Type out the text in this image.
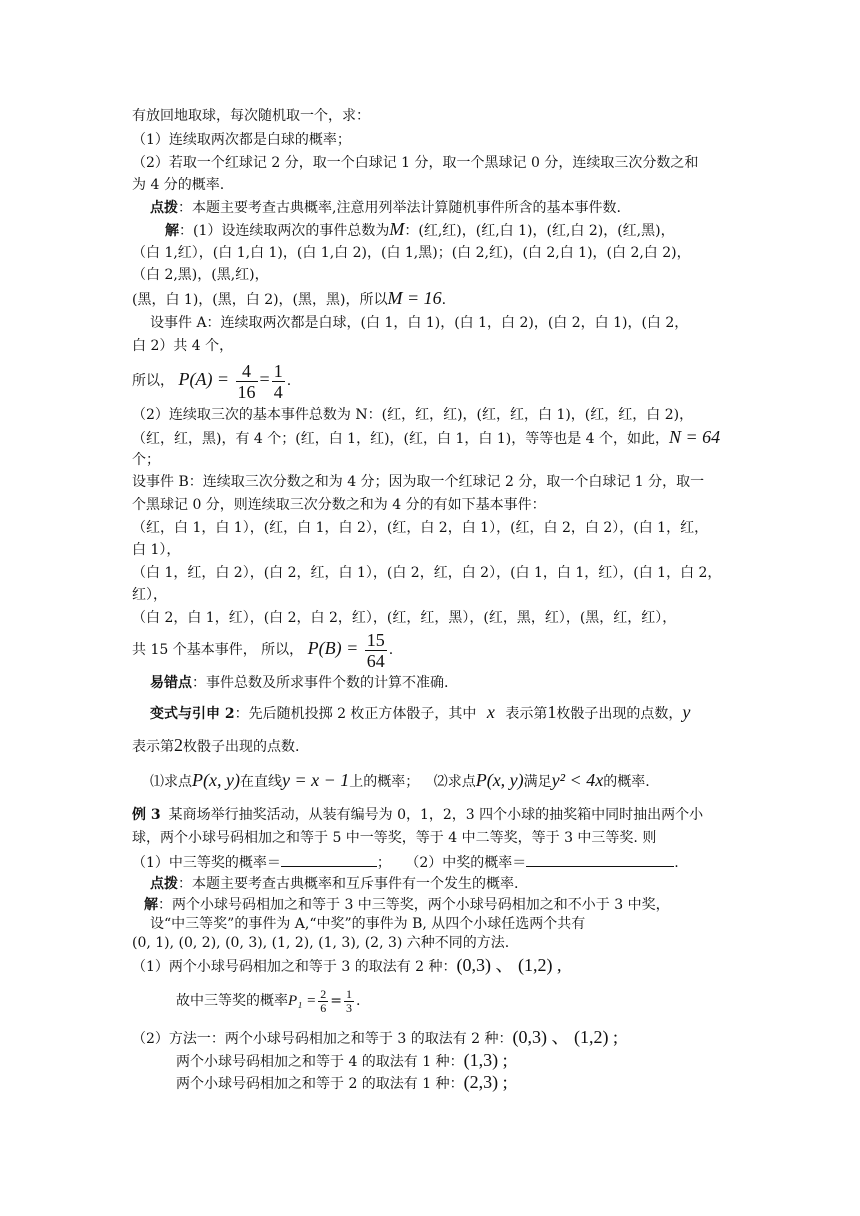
有放回地取球，每次随机取一个，求：
（1）连续取两次都是白球的概率；
（2）若取一个红球记 2 分，取一个白球记 1 分，取一个黑球记 0 分，连续取三次分数之和
为 4 分的概率.
点拨：本题主要考查古典概率,注意用列举法计算随机事件所含的基本事件数.
解：(1）设连续取两次的事件总数为M：(红,红)，(红,白 1)，(红,白 2)，(红,黑)，
（白 1,红），(白 1,白 1)，(白 1,白 2)，(白 1,黑)；(白 2,红)，(白 2,白 1)，(白 2,白 2)，
（白 2,黑)，(黑,红)，
(黑，白 1)，(黑，白 2)，(黑，黑)，所以M = 16.
设事件 A：连续取两次都是白球，(白 1，白 1)，(白 1，白 2)，(白 2，白 1)，(白 2，
白 2）共 4 个，
所以， $P(A) = \frac{4}{16} = \frac{1}{4}$ .
（2）连续取三次的基本事件总数为 N：(红，红，红)，(红，红，白 1)，(红，红，白 2)，
（红，红，黑)，有 4 个；(红，白 1，红)，(红，白 1，白 1)，等等也是 4 个，如此，N = 64
个；
设事件 B：连续取三次分数之和为 4 分；因为取一个红球记 2 分，取一个白球记 1 分，取一
个黑球记 0 分，则连续取三次分数之和为 4 分的有如下基本事件：
（红，白 1，白 1），(红，白 1，白 2），(红，白 2，白 1），(红，白 2，白 2），(白 1，红，
白 1），
（白 1，红，白 2），(白 2，红，白 1），(白 2，红，白 2），(白 1，白 1，红），(白 1，白 2，
红），
（白 2，白 1，红），(白 2，白 2，红），(红，红，黑），(红，黑，红），(黑，红，红），
共 15 个基本事件， 所以， $P(B) = \frac{15}{64}$ .
易错点：事件总数及所求事件个数的计算不准确.
变式与引申 2：先后随机投掷 2 枚正方体骰子，其中 x 表示第1枚骰子出现的点数，y
表示第2枚骰子出现的点数.
⑴求点P(x, y)在直线y = x − 1上的概率； ⑵求点P(x, y)满足y² < 4x的概率.
例 3 某商场举行抽奖活动，从装有编号为 0，1，2，3 四个小球的抽奖箱中同时抽出两个小
球，两个小球号码相加之和等于 5 中一等奖，等于 4 中二等奖，等于 3 中三等奖. 则
（1）中三等奖的概率＝	； （2）中奖的概率＝	.
点拨：本题主要考查古典概率和互斥事件有一个发生的概率.
解：两个小球号码相加之和等于 3 中三等奖，两个小球号码相加之和不小于 3 中奖，
设“中三等奖”的事件为 A,“中奖”的事件为 B, 从四个小球任选两个共有
(0, 1), (0, 2), (0, 3), (1, 2), (1, 3), (2, 3) 六种不同的方法.
（1）两个小球号码相加之和等于 3 的取法有 2 种：(0,3) 、 (1,2) ,
故中三等奖的概率$P_1 = \frac{2}{6} = \frac{1}{3}$ .
（2）方法一：两个小球号码相加之和等于 3 的取法有 2 种：(0,3) 、 (1,2) ;
两个小球号码相加之和等于 4 的取法有 1 种：(1,3) ;
两个小球号码相加之和等于 2 的取法有 1 种：(2,3) ;
